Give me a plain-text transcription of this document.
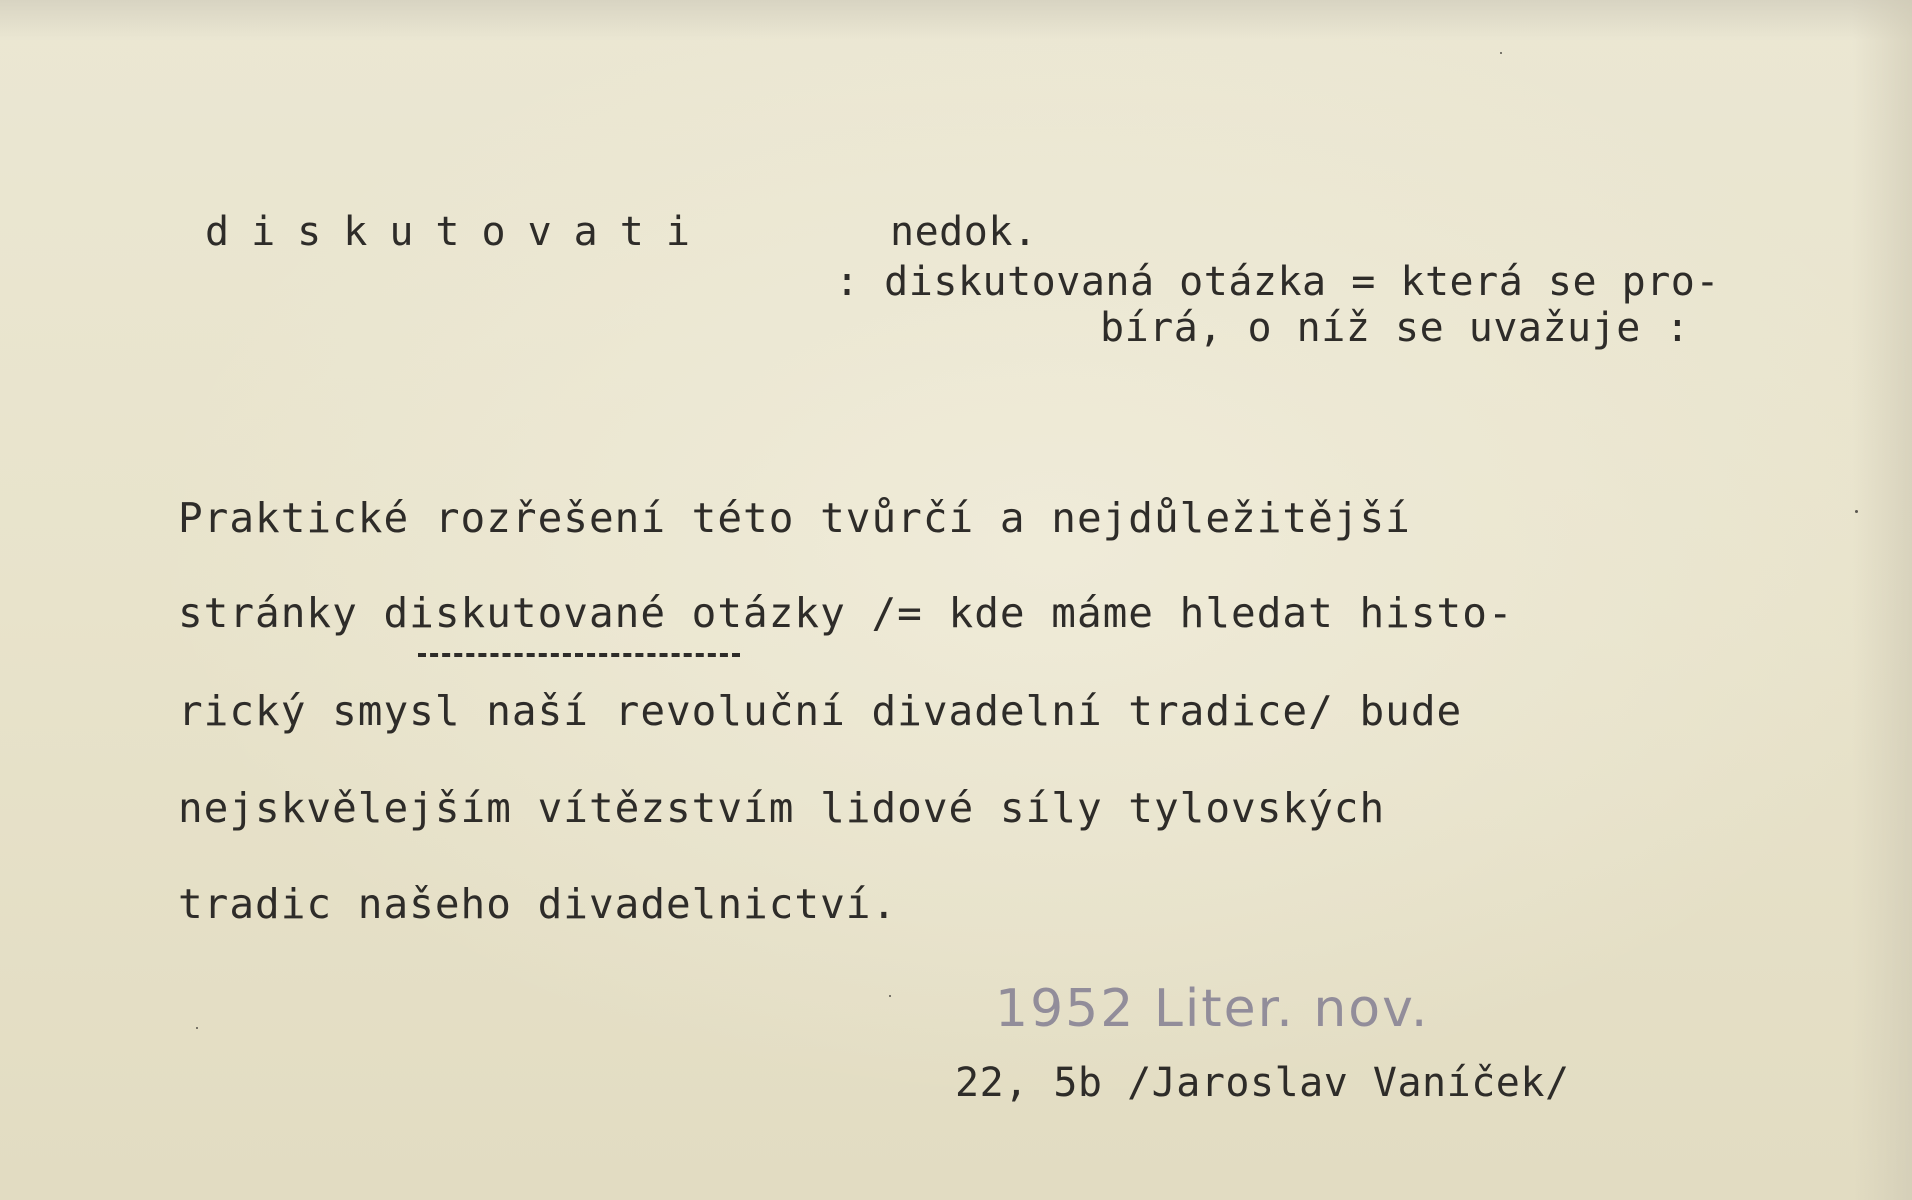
diskutovati	nedok.
: diskutovaná otázka = která se pro-
bírá, o níž se uvažuje :
Praktické rozřešení této tvůrčí a nejdůležitější
stránky diskutované otázky /= kde máme hledat histo-
rický smysl naší revoluční divadelní tradice/ bude
nejskvělejším vítězstvím lidové síly tylovských
tradic našeho divadelnictví.
1952 Liter. nov.
22, 5b /Jaroslav Vaníček/
